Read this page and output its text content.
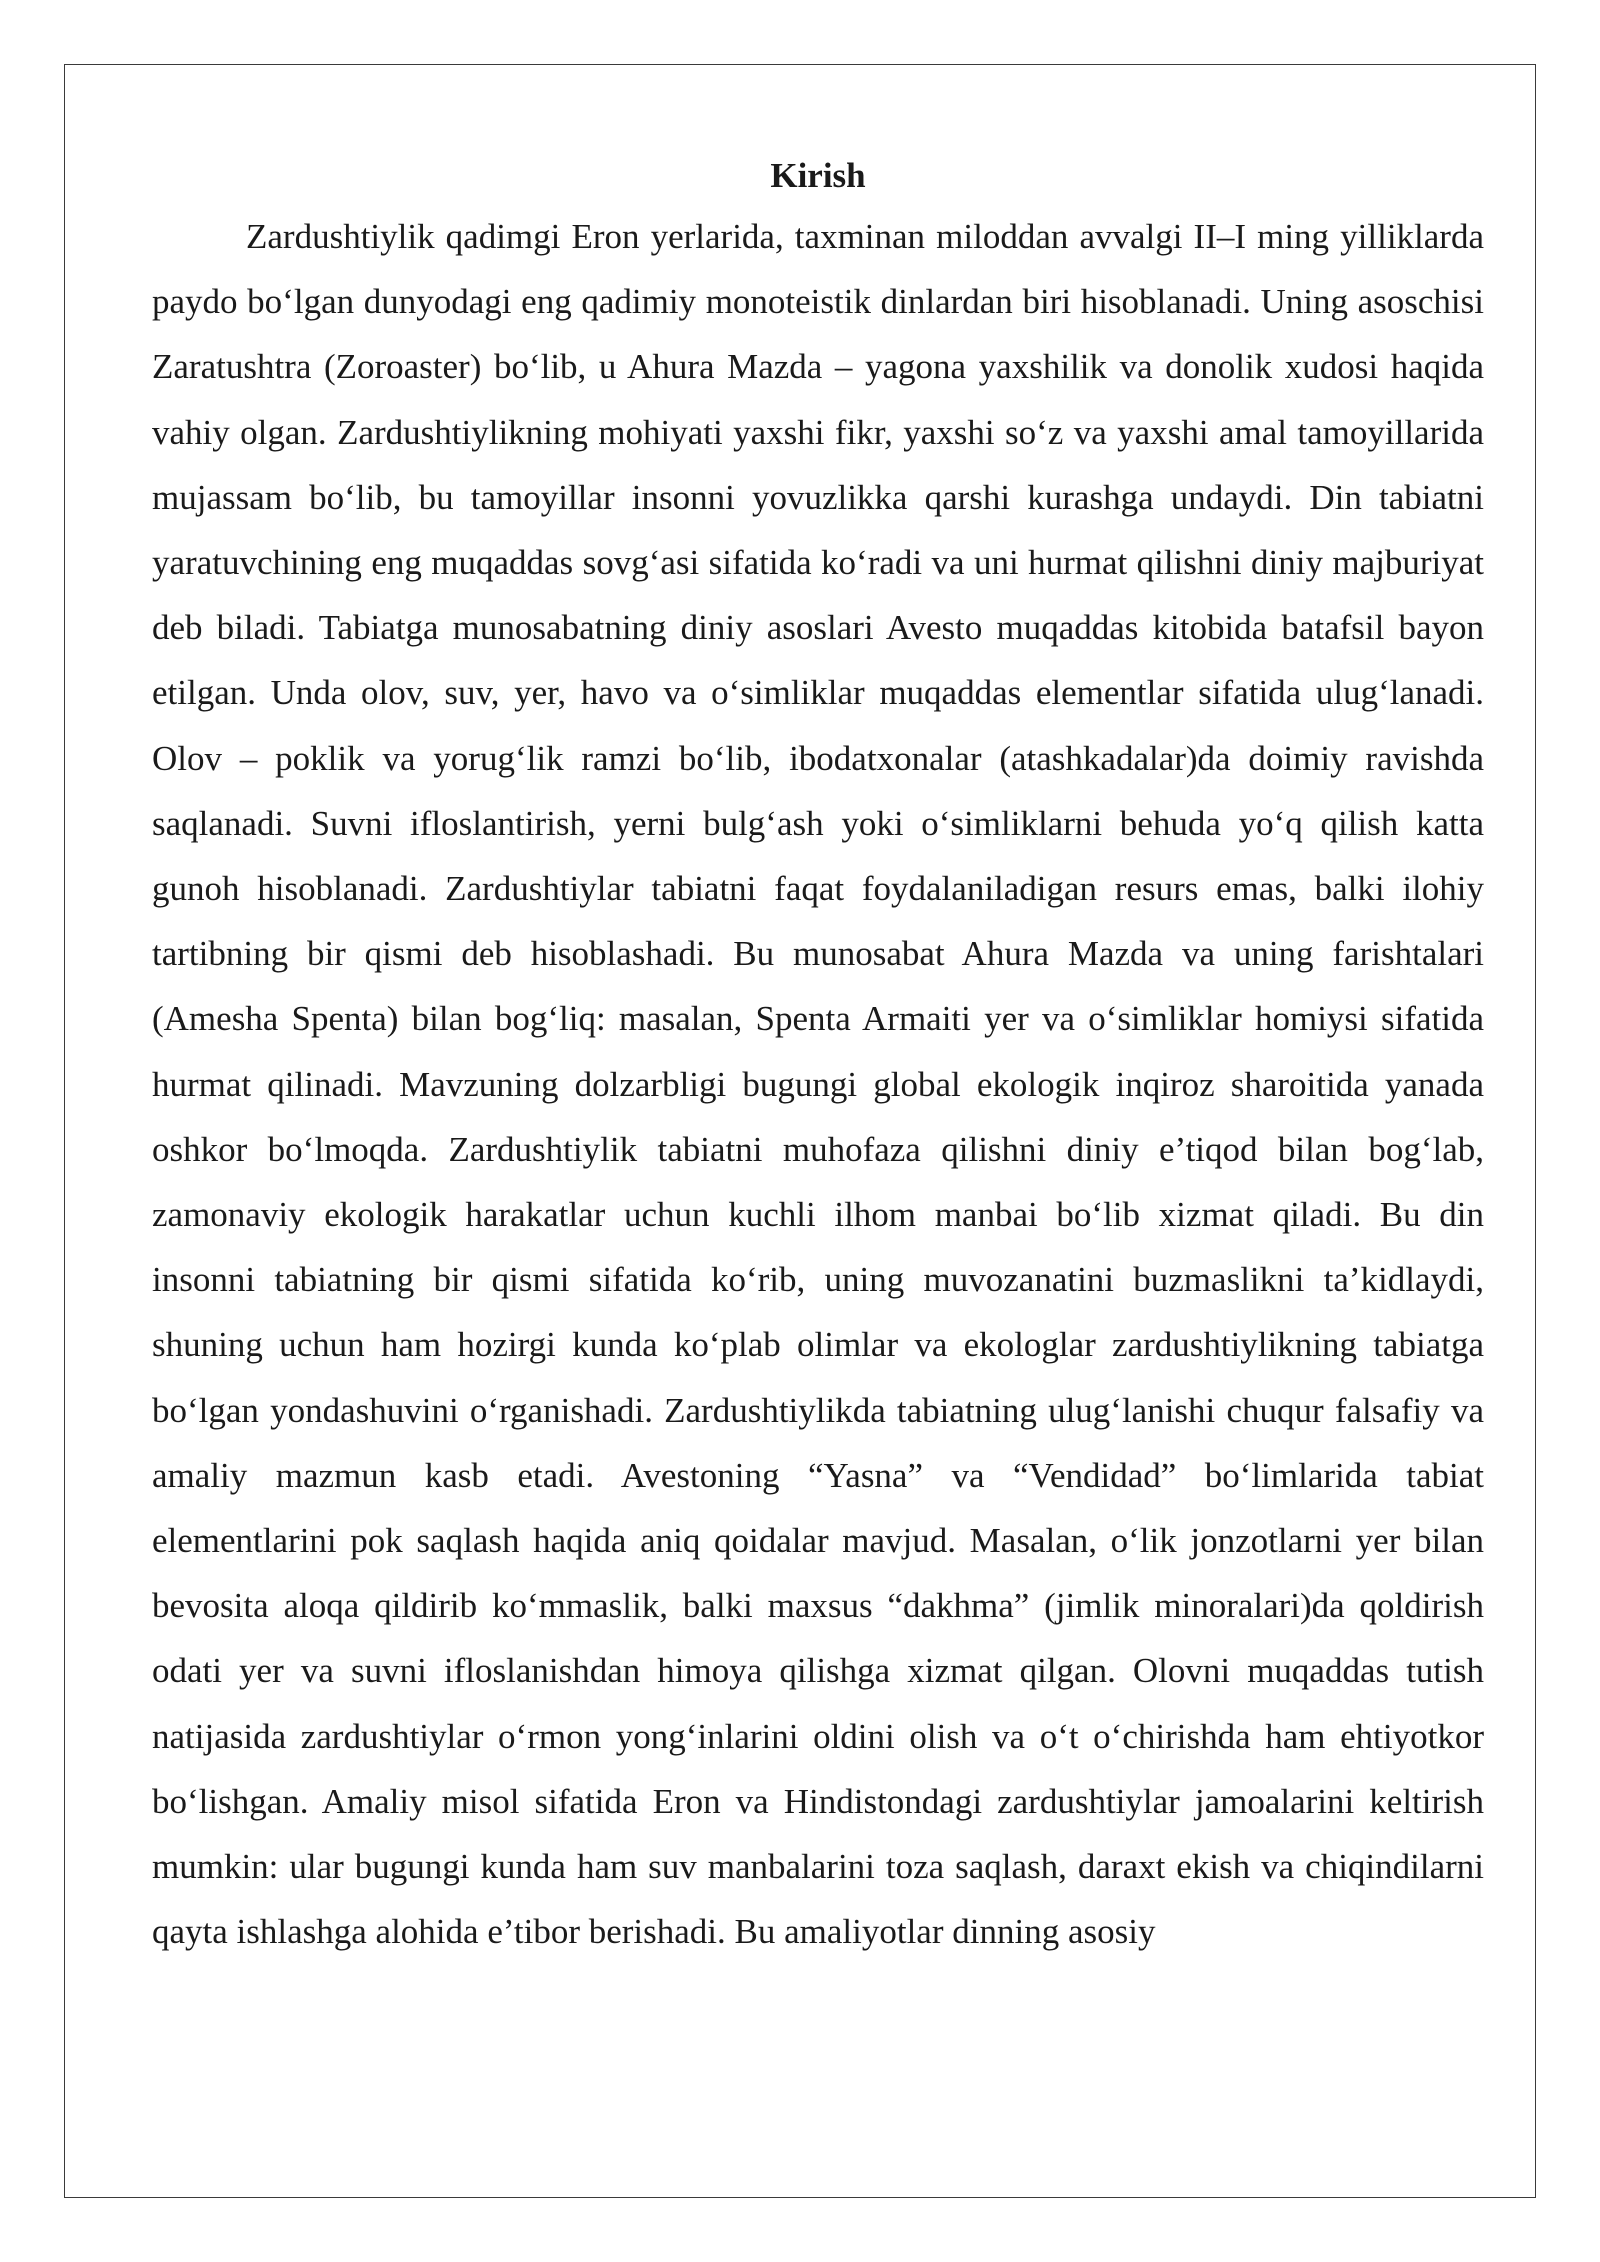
Kirish

Zardushtiylik qadimgi Eron yerlarida, taxminan miloddan avvalgi II–I ming yilliklarda paydo bo‘lgan dunyodagi eng qadimiy monoteistik dinlardan biri hisoblanadi. Uning asoschisi Zaratushtra (Zoroaster) bo‘lib, u Ahura Mazda – yagona yaxshilik va donolik xudosi haqida vahiy olgan. Zardushtiylikning mohiyati yaxshi fikr, yaxshi so‘z va yaxshi amal tamoyillarida mujassam bo‘lib, bu tamoyillar insonni yovuzlikka qarshi kurashga undaydi. Din tabiatni yaratuvchining eng muqaddas sovg‘asi sifatida ko‘radi va uni hurmat qilishni diniy majburiyat deb biladi. Tabiatga munosabatning diniy asoslari Avesto muqaddas kitobida batafsil bayon etilgan. Unda olov, suv, yer, havo va o‘simliklar muqaddas elementlar sifatida ulug‘lanadi. Olov – poklik va yorug‘lik ramzi bo‘lib, ibodatxonalar (atashkadalar)da doimiy ravishda saqlanadi. Suvni ifloslantirish, yerni bulg‘ash yoki o‘simliklarni behuda yo‘q qilish katta gunoh hisoblanadi. Zardushtiylar tabiatni faqat foydalaniladigan resurs emas, balki ilohiy tartibning bir qismi deb hisoblashadi. Bu munosabat Ahura Mazda va uning farishtalari (Amesha Spenta) bilan bog‘liq: masalan, Spenta Armaiti yer va o‘simliklar homiysi sifatida hurmat qilinadi. Mavzuning dolzarbligi bugungi global ekologik inqiroz sharoitida yanada oshkor bo‘lmoqda. Zardushtiylik tabiatni muhofaza qilishni diniy e’tiqod bilan bog‘lab, zamonaviy ekologik harakatlar uchun kuchli ilhom manbai bo‘lib xizmat qiladi. Bu din insonni tabiatning bir qismi sifatida ko‘rib, uning muvozanatini buzmaslikni ta’kidlaydi, shuning uchun ham hozirgi kunda ko‘plab olimlar va ekologlar zardushtiylikning tabiatga bo‘lgan yondashuvini o‘rganishadi. Zardushtiylikda tabiatning ulug‘lanishi chuqur falsafiy va amaliy mazmun kasb etadi. Avestoning “Yasna” va “Vendidad” bo‘limlarida tabiat elementlarini pok saqlash haqida aniq qoidalar mavjud. Masalan, o‘lik jonzotlarni yer bilan bevosita aloqa qildirib ko‘mmaslik, balki maxsus “dakhma” (jimlik minoralari)da qoldirish odati yer va suvni ifloslanishdan himoya qilishga xizmat qilgan. Olovni muqaddas tutish natijasida zardushtiylar o‘rmon yong‘inlarini oldini olish va o‘t o‘chirishda ham ehtiyotkor bo‘lishgan. Amaliy misol sifatida Eron va Hindistondagi zardushtiylar jamoalarini keltirish mumkin: ular bugungi kunda ham suv manbalarini toza saqlash, daraxt ekish va chiqindilarni qayta ishlashga alohida e’tibor berishadi. Bu amaliyotlar dinning asosiy
